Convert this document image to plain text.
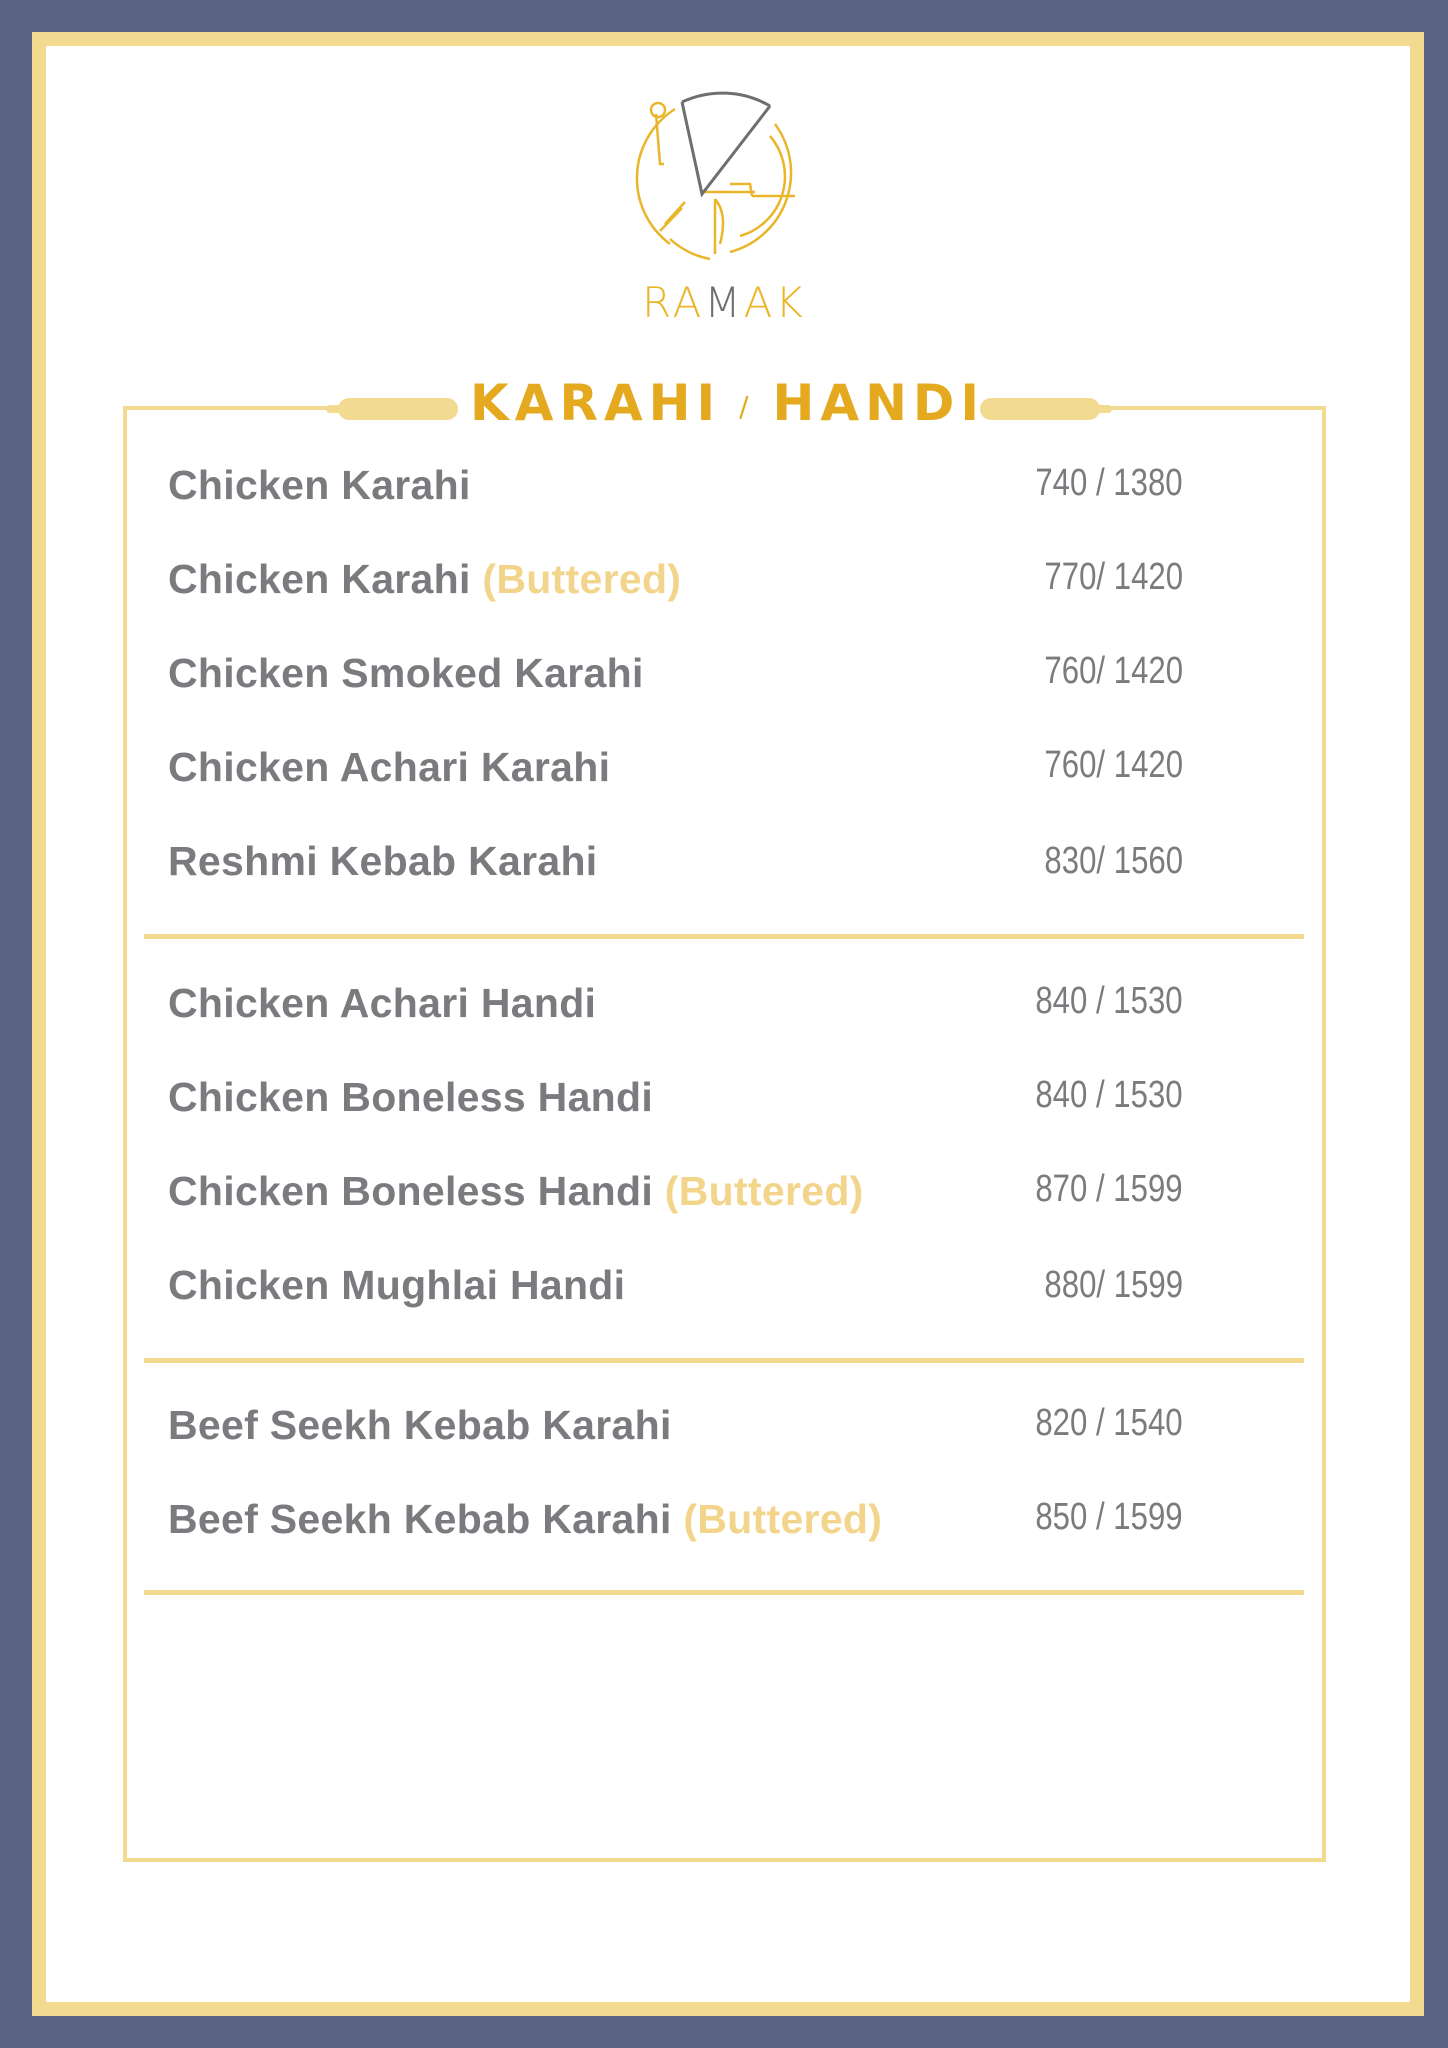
RAMAK
KARAHI / HANDI
Chicken Karahi	740 / 1380
Chicken Karahi (Buttered)	770/ 1420
Chicken Smoked Karahi	760/ 1420
Chicken Achari Karahi	760/ 1420
Reshmi Kebab Karahi	830/ 1560
Chicken Achari Handi	840 / 1530
Chicken Boneless Handi	840 / 1530
Chicken Boneless Handi (Buttered)	870 / 1599
Chicken Mughlai Handi	880/ 1599
Beef Seekh Kebab Karahi	820 / 1540
Beef Seekh Kebab Karahi (Buttered)	850 / 1599
